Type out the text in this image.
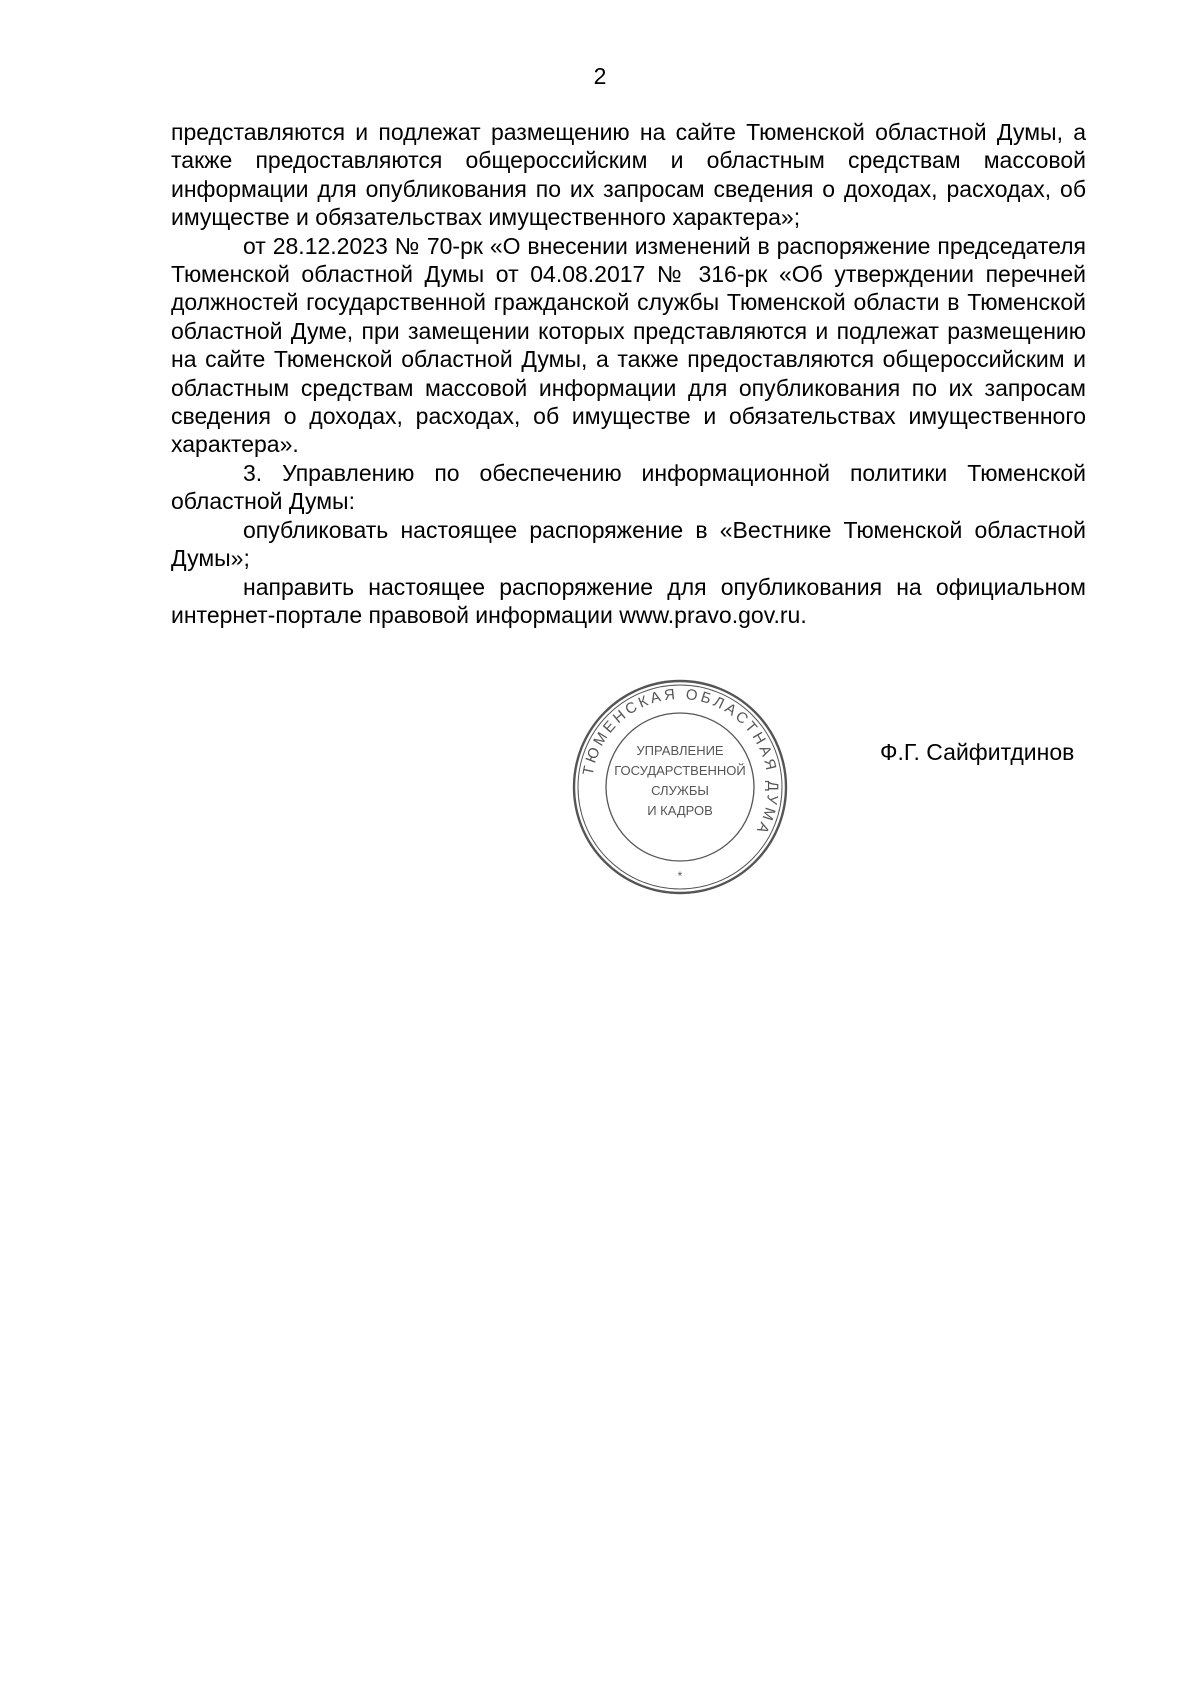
2

представляются и подлежат размещению на сайте Тюменской областной Думы, а также предоставляются общероссийским и областным средствам массовой информации для опубликования по их запросам сведения о доходах, расходах, об имуществе и обязательствах имущественного характера»;

от 28.12.2023 № 70-рк «О внесении изменений в распоряжение председателя Тюменской областной Думы от 04.08.2017 № 316-рк «Об утверждении перечней должностей государственной гражданской службы Тюменской области в Тюменской областной Думе, при замещении которых представляются и подлежат размещению на сайте Тюменской областной Думы, а также предоставляются общероссийским и областным средствам массовой информации для опубликования по их запросам сведения о доходах, расходах, об имуществе и обязательствах имущественного характера».

3. Управлению по обеспечению информационной политики Тюменской областной Думы:

опубликовать настоящее распоряжение в «Вестнике Тюменской областной Думы»;

направить настоящее распоряжение для опубликования на официальном интернет-портале правовой информации www.pravo.gov.ru.

ТЮМЕНСКАЯ ОБЛАСТНАЯ ДУМА
УПРАВЛЕНИЕ
ГОСУДАРСТВЕННОЙ
СЛУЖБЫ
И КАДРОВ
*
Ф.Г. Сайфитдинов
